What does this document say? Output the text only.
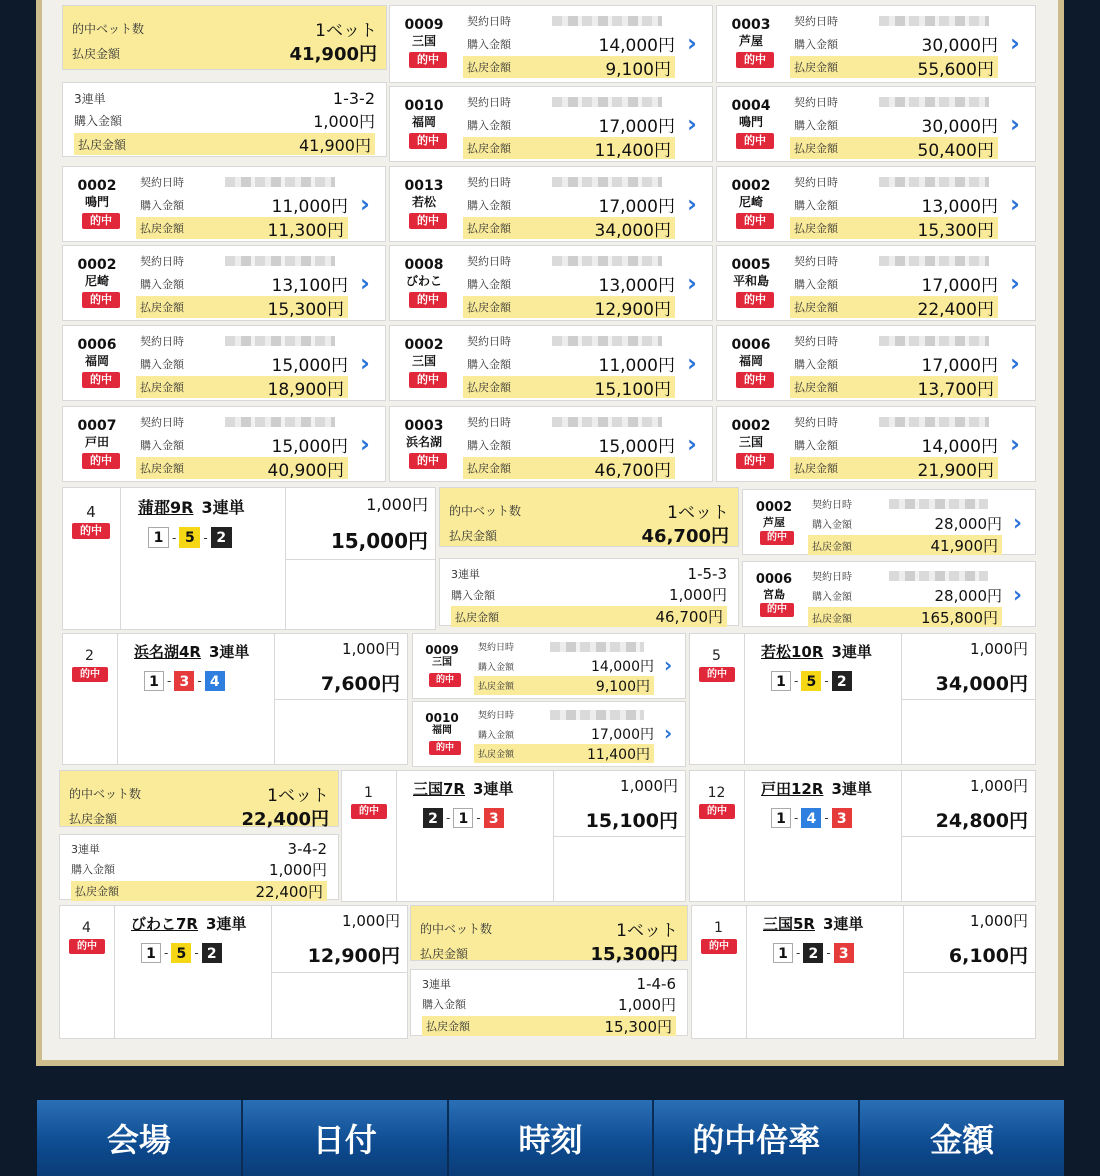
会場	日付	時刻	的中倍率	金額
的中ベット数	1ベット
払戻金額	41,900円
0009
三国
的中
契約日時
購入金額	14,000円
払戻金額	9,100円
›
0003
芦屋
的中
契約日時
購入金額	30,000円
払戻金額	55,600円
›
3連単	1-3-2
購入金額	1,000円
払戻金額	41,900円
0010
福岡
的中
契約日時
購入金額	17,000円
払戻金額	11,400円
›
0004
鳴門
的中
契約日時
購入金額	30,000円
払戻金額	50,400円
›
0002
鳴門
的中
契約日時
購入金額	11,000円
払戻金額	11,300円
›
0013
若松
的中
契約日時
購入金額	17,000円
払戻金額	34,000円
›
0002
尼崎
的中
契約日時
購入金額	13,000円
払戻金額	15,300円
›
0002
尼崎
的中
契約日時
購入金額	13,100円
払戻金額	15,300円
›
0008
びわこ
的中
契約日時
購入金額	13,000円
払戻金額	12,900円
›
0005
平和島
的中
契約日時
購入金額	17,000円
払戻金額	22,400円
›
0006
福岡
的中
契約日時
購入金額	15,000円
払戻金額	18,900円
›
0002
三国
的中
契約日時
購入金額	11,000円
払戻金額	15,100円
›
0006
福岡
的中
契約日時
購入金額	17,000円
払戻金額	13,700円
›
0007
戸田
的中
契約日時
購入金額	15,000円
払戻金額	40,900円
›
0003
浜名湖
的中
契約日時
購入金額	15,000円
払戻金額	46,700円
›
0002
三国
的中
契約日時
購入金額	14,000円
払戻金額	21,900円
›
4
的中
蒲郡9R 3連単
1 - 5 - 2
1,000円
15,000円
的中ベット数	1ベット
払戻金額	46,700円
3連単	1-5-3
購入金額	1,000円
払戻金額	46,700円
0002
芦屋
的中
契約日時
購入金額	28,000円
払戻金額	41,900円
›
0006
宮島
的中
契約日時
購入金額	28,000円
払戻金額	165,800円
›
2
的中
浜名湖4R 3連単
1 - 3 - 4
1,000円
7,600円
0009
三国
的中
契約日時
購入金額	14,000円
払戻金額	9,100円
›
0010
福岡
的中
契約日時
購入金額	17,000円
払戻金額	11,400円
›
5
的中
若松10R 3連単
1 - 5 - 2
1,000円
34,000円
的中ベット数	1ベット
払戻金額	22,400円
3連単	3-4-2
購入金額	1,000円
払戻金額	22,400円
1
的中
三国7R 3連単
2 - 1 - 3
1,000円
15,100円
12
的中
戸田12R 3連単
1 - 4 - 3
1,000円
24,800円
4
的中
びわこ7R 3連単
1 - 5 - 2
1,000円
12,900円
的中ベット数	1ベット
払戻金額	15,300円
3連単	1-4-6
購入金額	1,000円
払戻金額	15,300円
1
的中
三国5R 3連単
1 - 2 - 3
1,000円
6,100円
